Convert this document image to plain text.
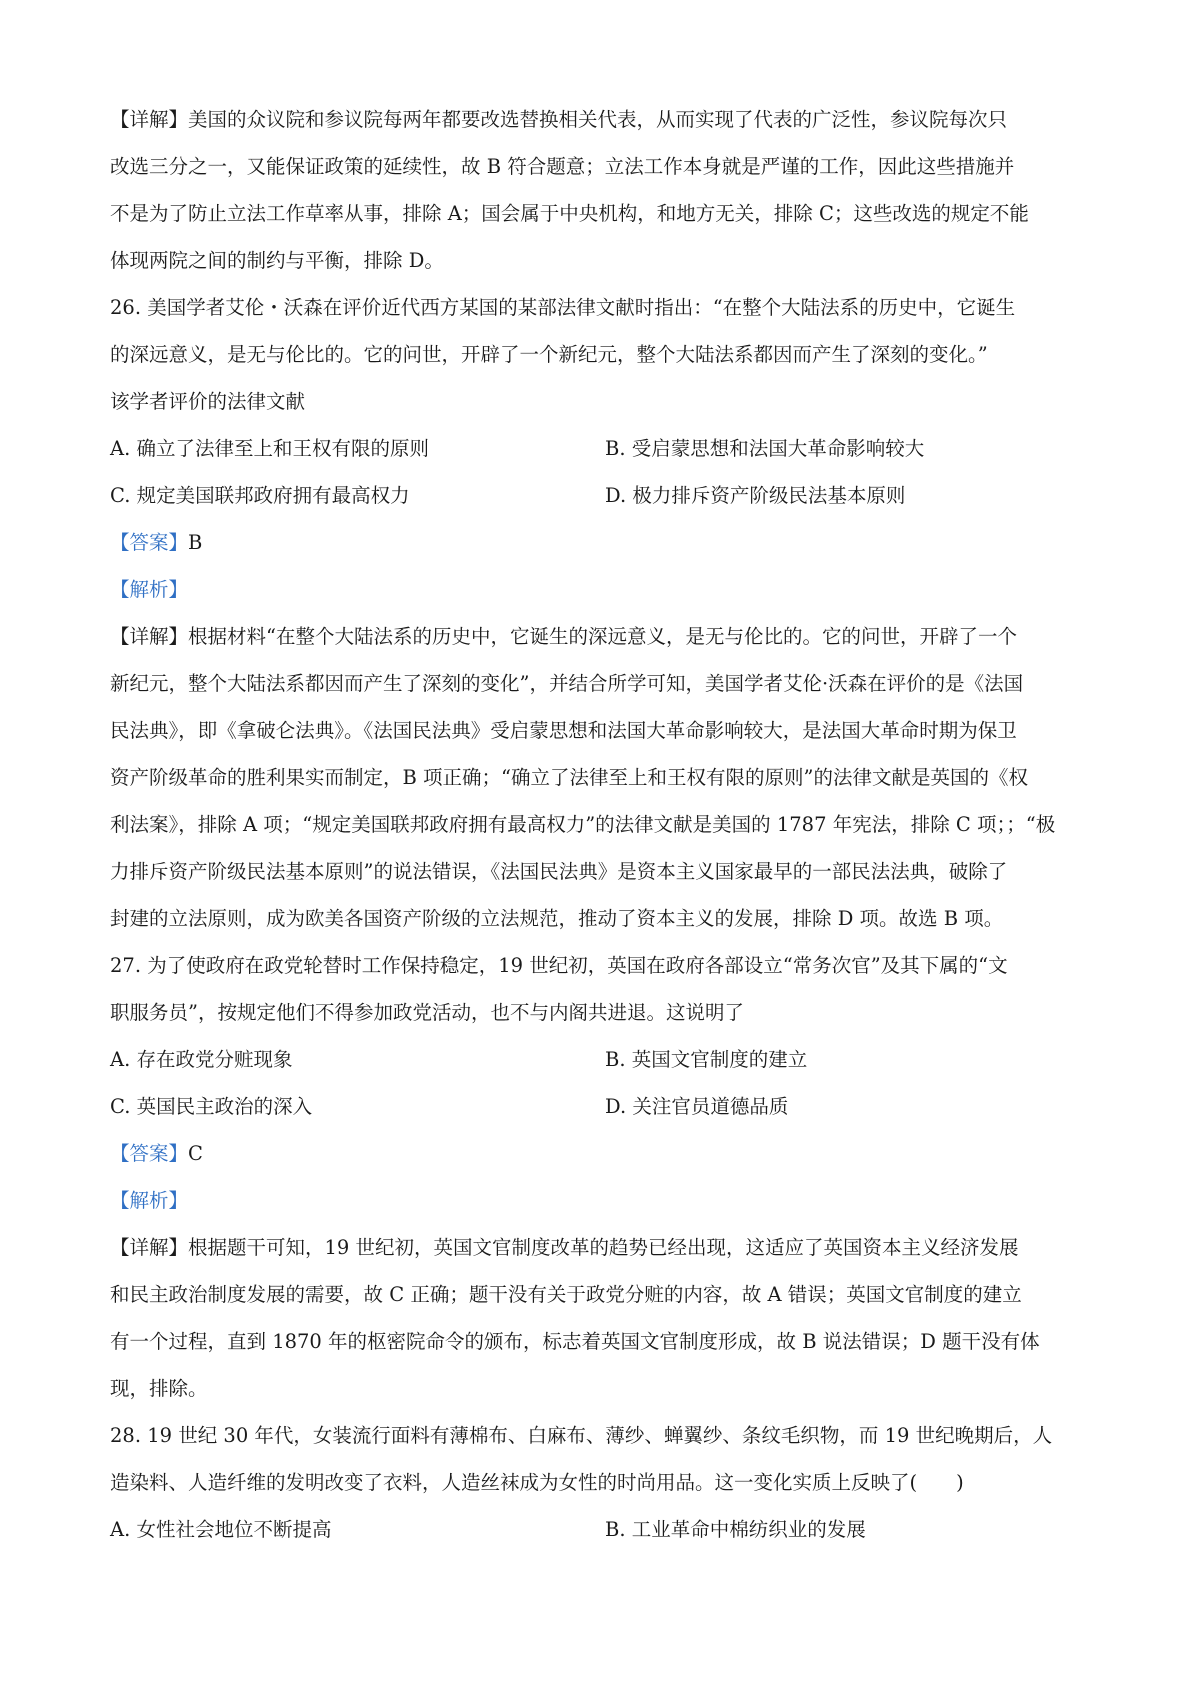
【详解】美国的众议院和参议院每两年都要改选替换相关代表，从而实现了代表的广泛性，参议院每次只
改选三分之一，又能保证政策的延续性，故 B 符合题意；立法工作本身就是严谨的工作，因此这些措施并
不是为了防止立法工作草率从事，排除 A；国会属于中央机构，和地方无关，排除 C；这些改选的规定不能
体现两院之间的制约与平衡，排除 D。
26. 美国学者艾伦・沃森在评价近代西方某国的某部法律文献时指出：“在整个大陆法系的历史中，它诞生
的深远意义，是无与伦比的。它的问世，开辟了一个新纪元，整个大陆法系都因而产生了深刻的变化。”
该学者评价的法律文献
A. 确立了法律至上和王权有限的原则	B. 受启蒙思想和法国大革命影响较大
C. 规定美国联邦政府拥有最高权力	D. 极力排斥资产阶级民法基本原则
【答案】B
【解析】
【详解】根据材料“在整个大陆法系的历史中，它诞生的深远意义，是无与伦比的。它的问世，开辟了一个
新纪元，整个大陆法系都因而产生了深刻的变化”，并结合所学可知，美国学者艾伦·沃森在评价的是《法国
民法典》，即《拿破仑法典》。《法国民法典》受启蒙思想和法国大革命影响较大，是法国大革命时期为保卫
资产阶级革命的胜利果实而制定，B 项正确；“确立了法律至上和王权有限的原则”的法律文献是英国的《权
利法案》，排除 A 项；“规定美国联邦政府拥有最高权力”的法律文献是美国的 1787 年宪法，排除 C 项；；“极
力排斥资产阶级民法基本原则”的说法错误，《法国民法典》是资本主义国家最早的一部民法法典，破除了
封建的立法原则，成为欧美各国资产阶级的立法规范，推动了资本主义的发展，排除 D 项。故选 B 项。
27. 为了使政府在政党轮替时工作保持稳定，19 世纪初，英国在政府各部设立“常务次官”及其下属的“文
职服务员”，按规定他们不得参加政党活动，也不与内阁共进退。这说明了
A. 存在政党分赃现象	B. 英国文官制度的建立
C. 英国民主政治的深入	D. 关注官员道德品质
【答案】C
【解析】
【详解】根据题干可知，19 世纪初，英国文官制度改革的趋势已经出现，这适应了英国资本主义经济发展
和民主政治制度发展的需要，故 C 正确；题干没有关于政党分赃的内容，故 A 错误；英国文官制度的建立
有一个过程，直到 1870 年的枢密院命令的颁布，标志着英国文官制度形成，故 B 说法错误；D 题干没有体
现，排除。
28. 19 世纪 30 年代，女装流行面料有薄棉布、白麻布、薄纱、蝉翼纱、条纹毛织物，而 19 世纪晚期后，人
造染料、人造纤维的发明改变了衣料，人造丝袜成为女性的时尚用品。这一变化实质上反映了(　　)
A. 女性社会地位不断提高	B. 工业革命中棉纺织业的发展
